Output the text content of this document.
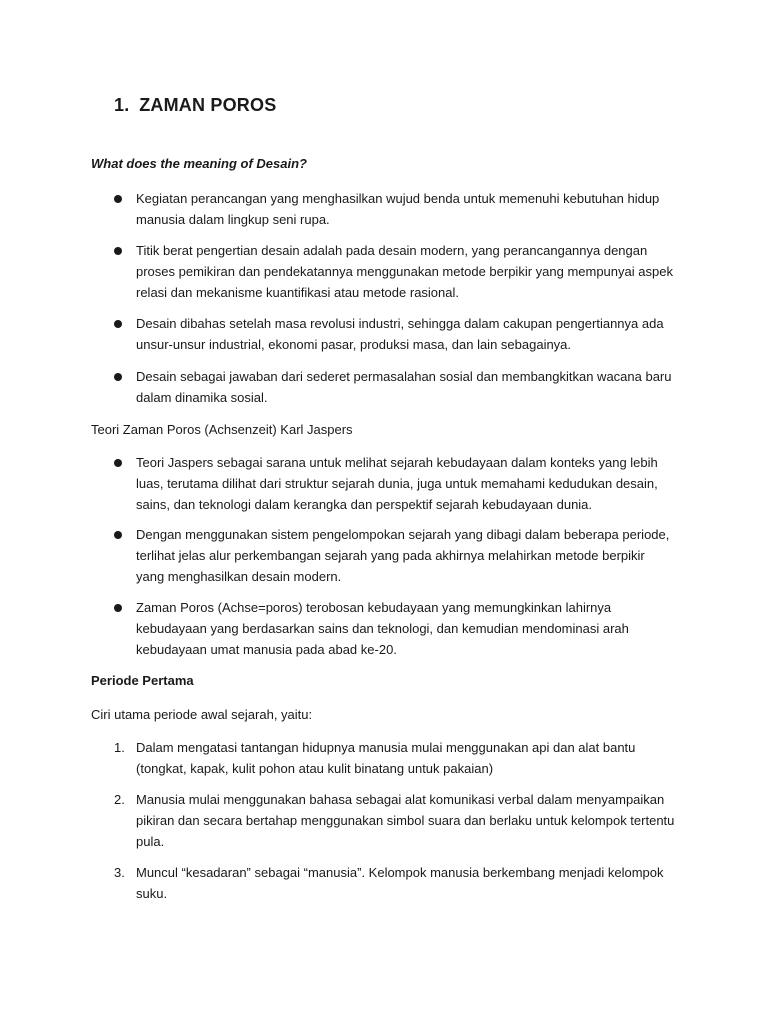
1. ZAMAN POROS
What does the meaning of Desain?
Kegiatan perancangan yang menghasilkan wujud benda untuk memenuhi kebutuhan hidup manusia dalam lingkup seni rupa.
Titik berat pengertian desain adalah pada desain modern, yang perancangannya dengan proses pemikiran dan pendekatannya menggunakan metode berpikir yang mempunyai aspek relasi dan mekanisme kuantifikasi atau metode rasional.
Desain dibahas setelah masa revolusi industri, sehingga dalam cakupan pengertiannya ada unsur-unsur industrial, ekonomi pasar, produksi masa, dan lain sebagainya.
Desain sebagai jawaban dari sederet permasalahan sosial dan membangkitkan wacana baru dalam dinamika sosial.
Teori Zaman Poros (Achsenzeit) Karl Jaspers
Teori Jaspers sebagai sarana untuk melihat sejarah kebudayaan dalam konteks yang lebih luas, terutama dilihat dari struktur sejarah dunia, juga untuk memahami kedudukan desain, sains, dan teknologi dalam kerangka dan perspektif sejarah kebudayaan dunia.
Dengan menggunakan sistem pengelompokan sejarah yang dibagi dalam beberapa periode, terlihat jelas alur perkembangan sejarah yang pada akhirnya melahirkan metode berpikir yang menghasilkan desain modern.
Zaman Poros (Achse=poros) terobosan kebudayaan yang memungkinkan lahirnya kebudayaan yang berdasarkan sains dan teknologi, dan kemudian mendominasi arah kebudayaan umat manusia pada abad ke-20.
Periode Pertama
Ciri utama periode awal sejarah, yaitu:
1. Dalam mengatasi tantangan hidupnya manusia mulai menggunakan api dan alat bantu (tongkat, kapak, kulit pohon atau kulit binatang untuk pakaian)
2. Manusia mulai menggunakan bahasa sebagai alat komunikasi verbal dalam menyampaikan pikiran dan secara bertahap menggunakan simbol suara dan berlaku untuk kelompok tertentu pula.
3. Muncul “kesadaran” sebagai “manusia”. Kelompok manusia berkembang menjadi kelompok suku.
